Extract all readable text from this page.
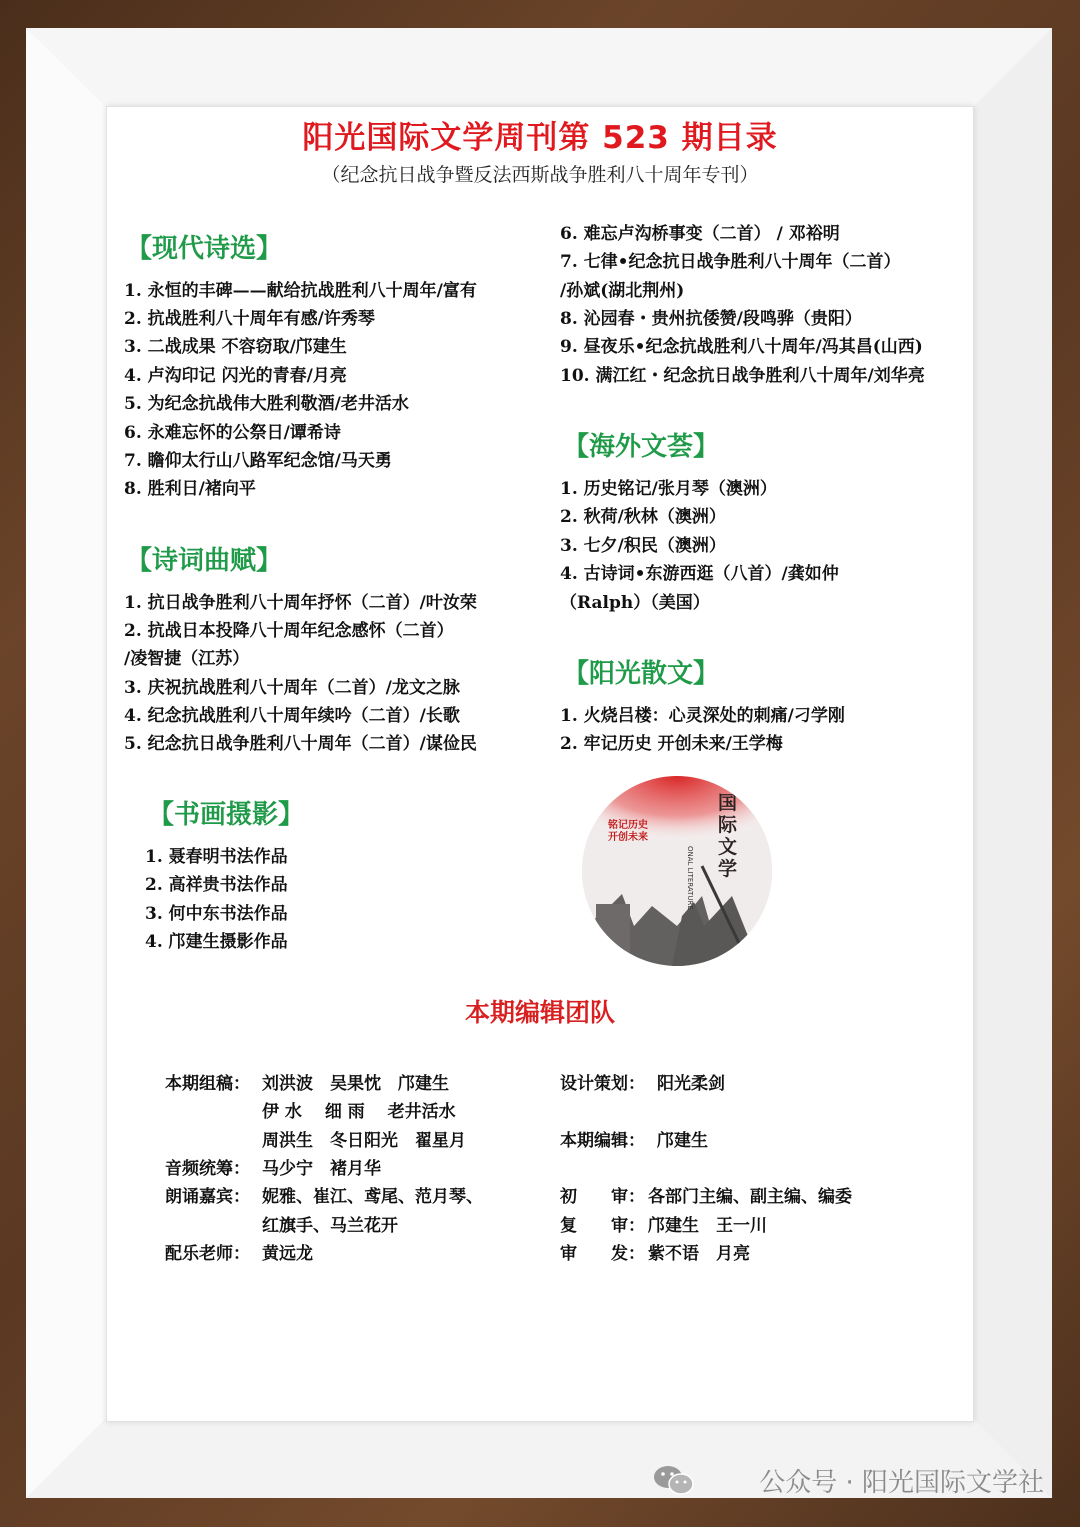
阳光国际文学周刊第 523 期目录
（纪念抗日战争暨反法西斯战争胜利八十周年专刊）
【现代诗选】
1. 永恒的丰碑——献给抗战胜利八十周年/富有
2. 抗战胜利八十周年有感/许秀琴
3. 二战成果 不容窃取/邝建生
4. 卢沟印记 闪光的青春/月亮
5. 为纪念抗战伟大胜利敬酒/老井活水
6. 永难忘怀的公祭日/谭希诗
7. 瞻仰太行山八路军纪念馆/马天勇
8. 胜利日/褚向平
【诗词曲赋】
1. 抗日战争胜利八十周年抒怀（二首）/叶汝荣
2. 抗战日本投降八十周年纪念感怀（二首）
/凌智捷（江苏）
3. 庆祝抗战胜利八十周年（二首）/龙文之脉
4. 纪念抗战胜利八十周年续吟（二首）/长歌
5. 纪念抗日战争胜利八十周年（二首）/谋俭民
6. 难忘卢沟桥事变（二首） / 邓裕明
7. 七律•纪念抗日战争胜利八十周年（二首）
/孙斌(湖北荆州)
8. 沁园春・贵州抗倭赞/段鸣骅（贵阳）
9. 昼夜乐•纪念抗战胜利八十周年/冯其昌(山西)
10. 满江红・纪念抗日战争胜利八十周年/刘华亮
【海外文荟】
1. 历史铭记/张月琴（澳洲）
2. 秋荷/秋林（澳洲）
3. 七夕/积民（澳洲）
4. 古诗词•东游西逛（八首）/龚如仲
（Ralph）（美国）
【阳光散文】
1. 火烧吕楼：心灵深处的刺痛/刁学刚
2. 牢记历史 开创未来/王学梅
【书画摄影】
1. 聂春明书法作品
2. 高祥贵书法作品
3. 何中东书法作品
4. 邝建生摄影作品
铭记历史
开创未来
国际文学
ONAL LITERATURE
本期编辑团队
本期组稿： 刘洪波　吴果忱　邝建生
伊 水　 细 雨　 老井活水
周洪生　冬日阳光　翟星月
音频统筹： 马少宁　褚月华
朗诵嘉宾： 妮雅、崔江、鸢尾、范月琴、
红旗手、马兰花开
配乐老师： 黄远龙
设计策划： 阳光柔剑
本期编辑： 邝建生
初　　审： 各部门主编、副主编、编委
复　　审： 邝建生　王一川
审　　发： 紫不语　月亮
公众号 · 阳光国际文学社
